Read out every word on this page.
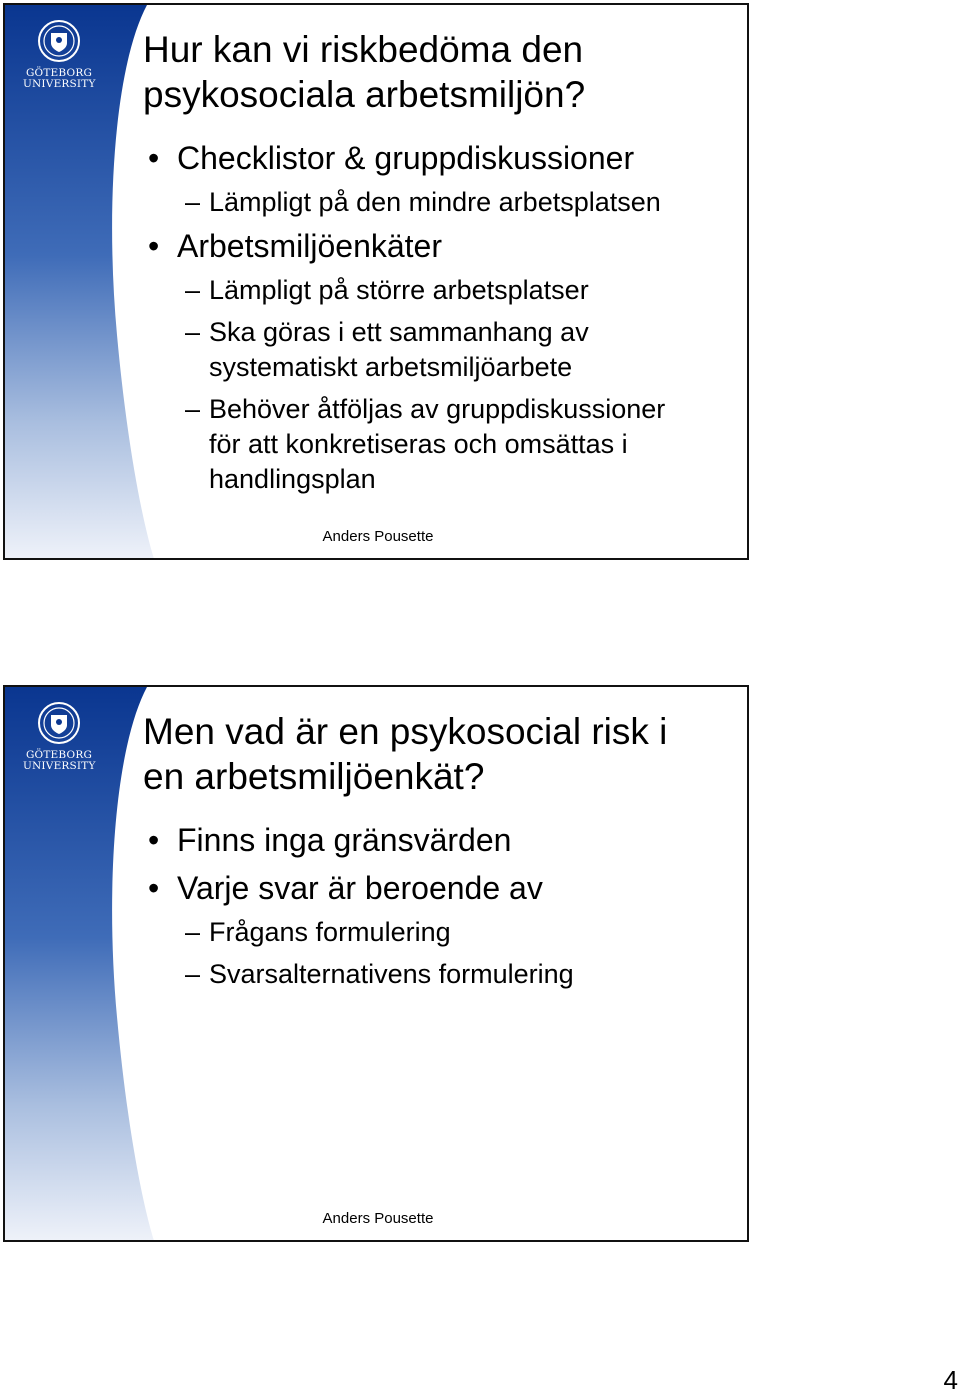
GÖTEBORG
UNIVERSITY
Hur kan vi riskbedöma den
psykosociala arbetsmiljön?
• Checklistor & gruppdiskussioner
– Lämpligt på den mindre arbetsplatsen
• Arbetsmiljöenkäter
– Lämpligt på större arbetsplatser
– Ska göras i ett sammanhang av
systematiskt arbetsmiljöarbete
– Behöver åtföljas av gruppdiskussioner
för att konkretiseras och omsättas i
handlingsplan
Anders Pousette
GÖTEBORG
UNIVERSITY
Men vad är en psykosocial risk i
en arbetsmiljöenkät?
• Finns inga gränsvärden
• Varje svar är beroende av
– Frågans formulering
– Svarsalternativens formulering
Anders Pousette
4
